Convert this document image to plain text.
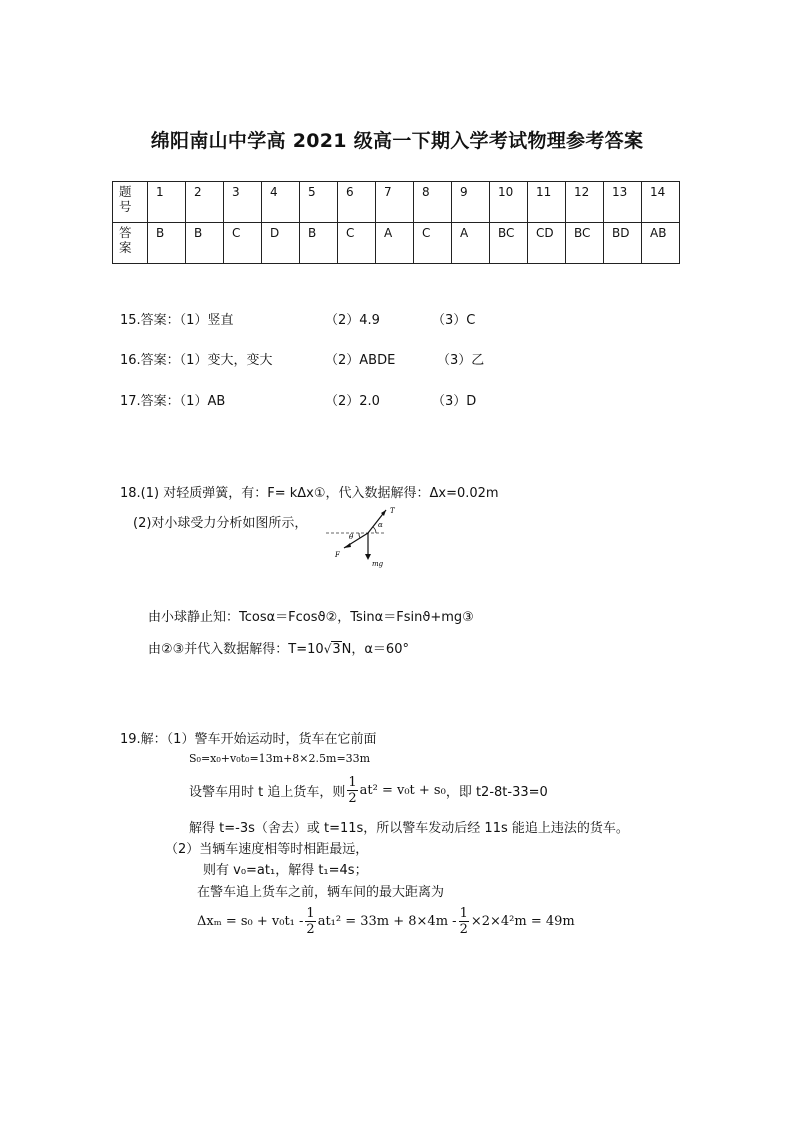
绵阳南山中学高 2021 级高一下期入学考试物理参考答案
题
号	1	2	3	4	5	6	7	8	9	10	11	12	13	14
答
案	B	B	C	D	B	C	A	C	A	BC	CD	BC	BD	AB
15.答案：（1）竖直	（2）4.9	（3）C
16.答案：（1）变大，变大	（2）ABDE	（3）乙
17.答案：（1）AB	（2）2.0	（3）D
18.(1) 对轻质弹簧，有：F= kΔx①，代入数据解得：Δx=0.02m
(2)对小球受力分析如图所示，
T
α
θ
F
mg
由小球静止知：Tcosα＝Fcosϑ②，Tsinα＝Fsinϑ+mg③
由②③并代入数据解得：T=10√3N，α＝60°
19.解：（1）警车开始运动时，货车在它前面
S₀=x₀+v₀t₀=13m+8×2.5m=33m
设警车用时 t 追上货车，则 $\frac{1}{2} at^2 = v_0t + s_0$ ，即 t2-8t-33=0
解得 t=-3s（舍去）或 t=11s，所以警车发动后经 11s 能追上违法的货车。
（2）当辆车速度相等时相距最远，
则有 v₀=at₁，解得 t₁=4s；
在警车追上货车之前，辆车间的最大距离为
$\Delta x_m = s_0 + v_0t_1 - \frac{1}{2} at_1^2 = 33m + 8\times 4m - \frac{1}{2} \times 2\times 4^2m = 49m$
